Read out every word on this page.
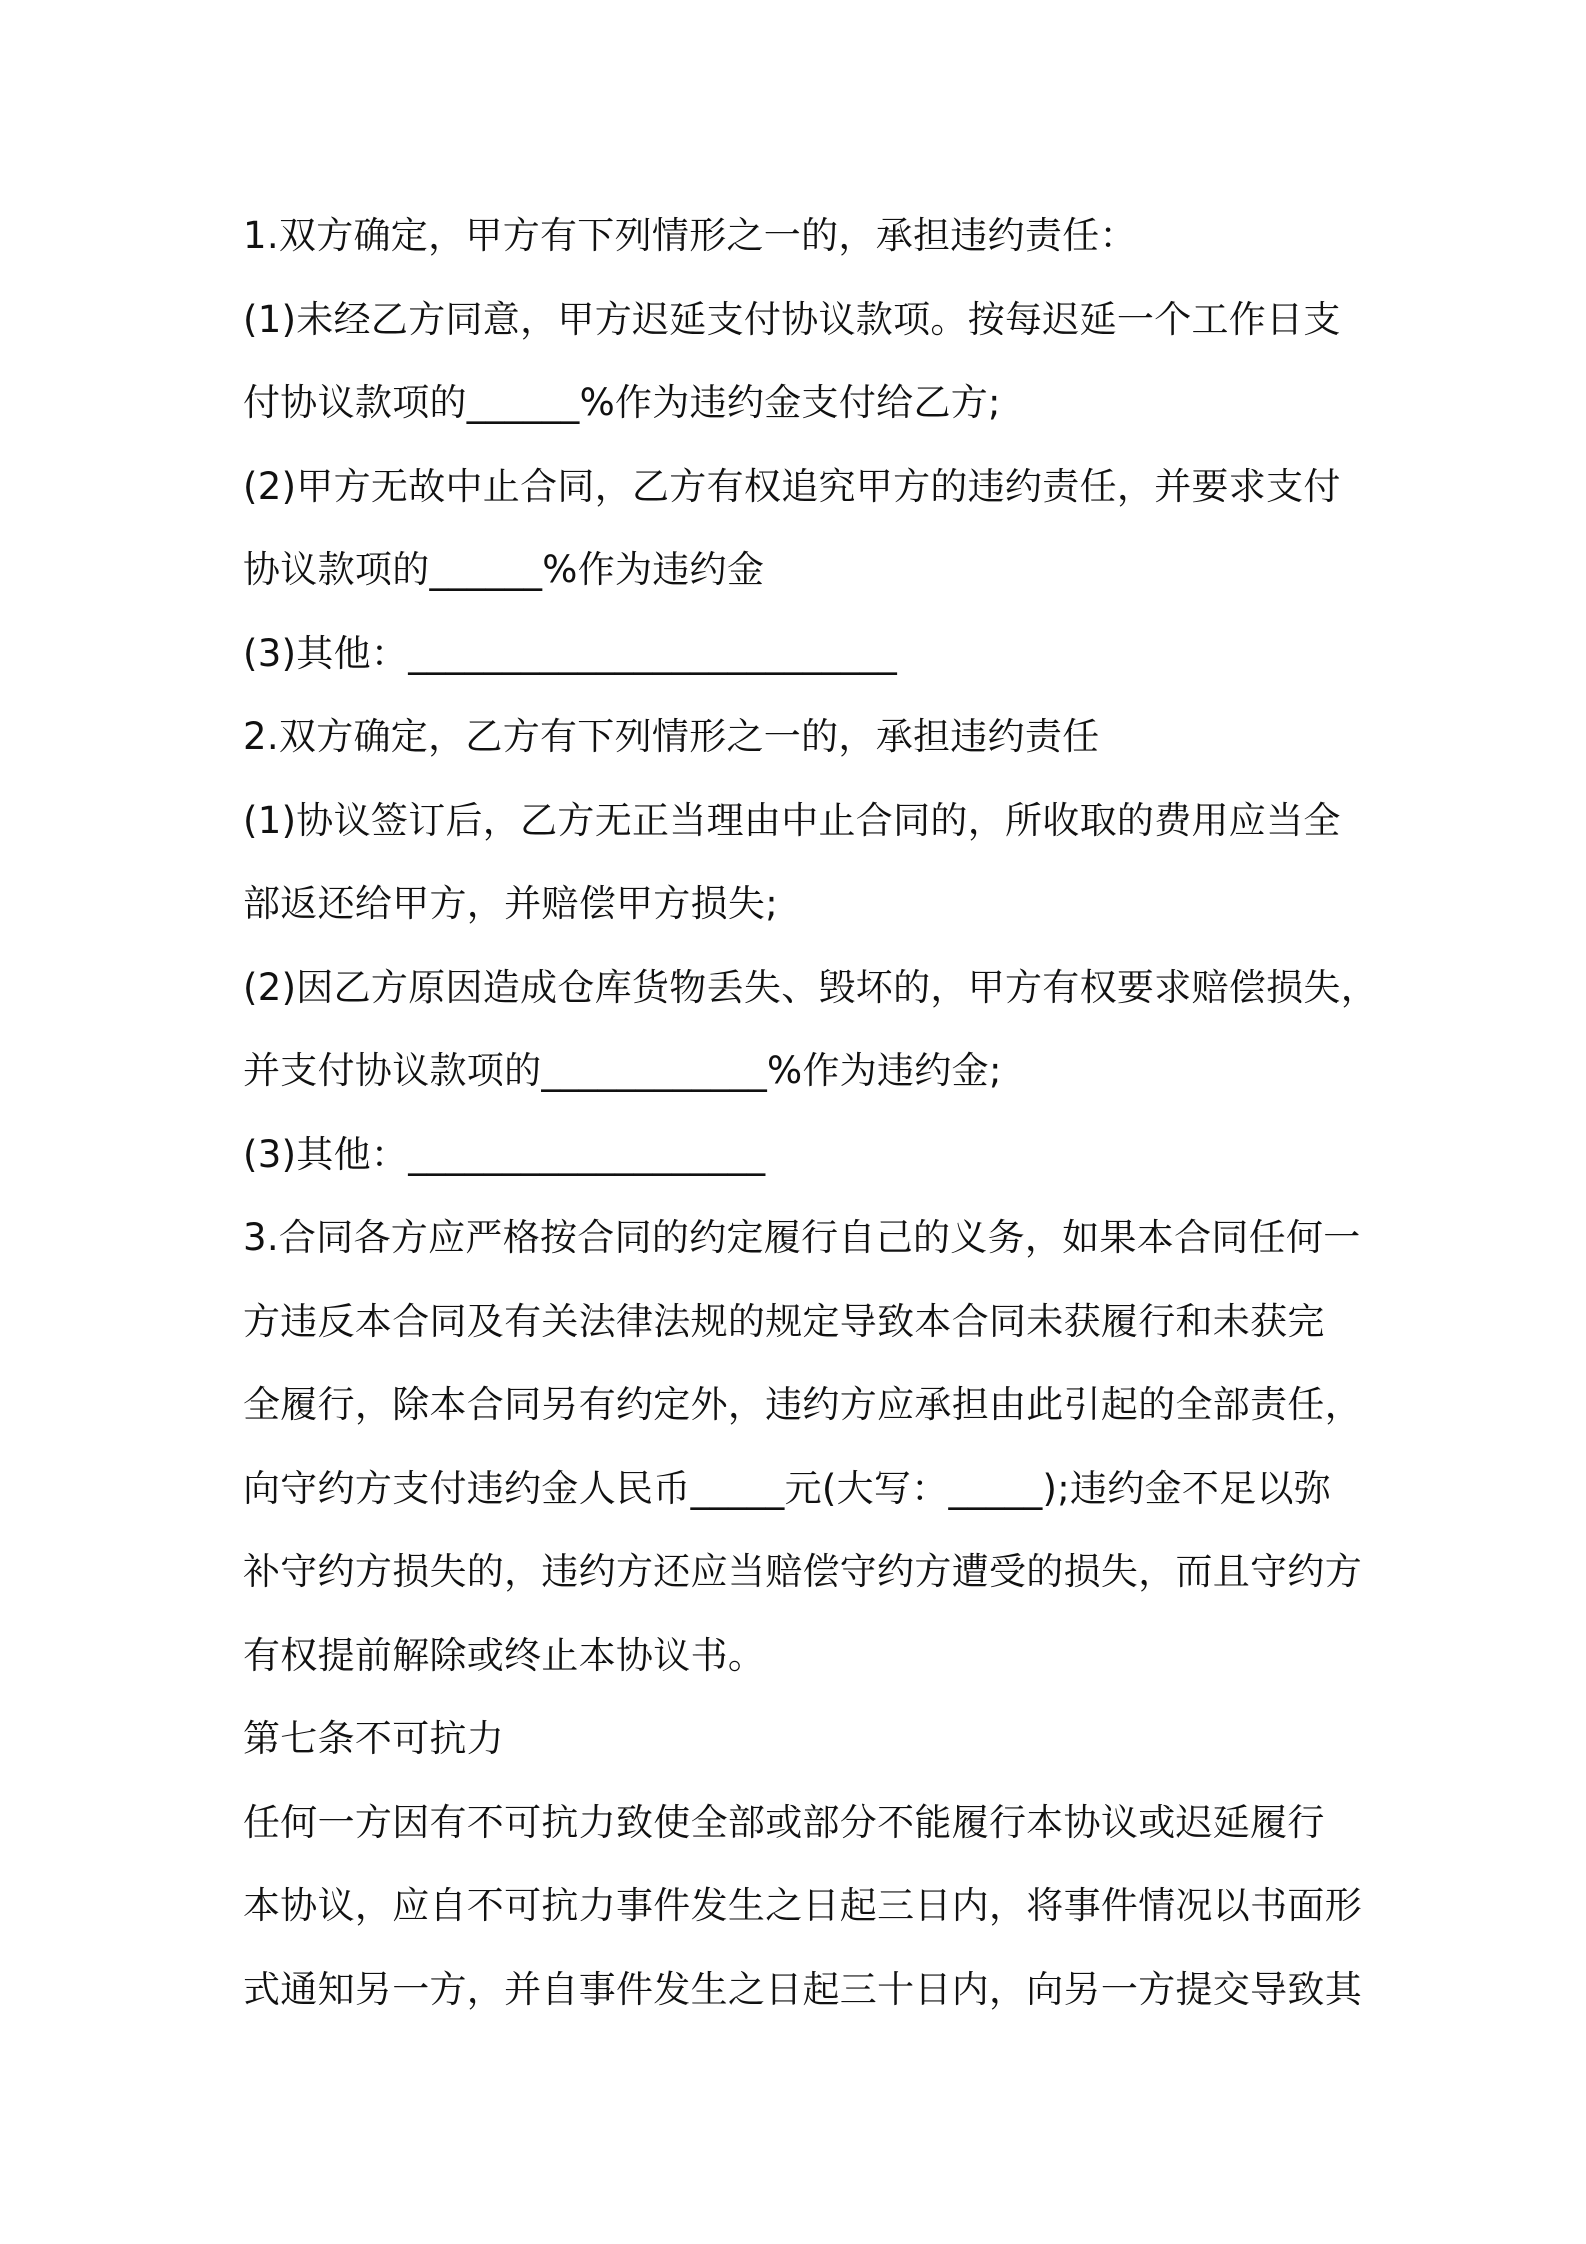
1.双方确定，甲方有下列情形之一的，承担违约责任：
(1)未经乙方同意，甲方迟延支付协议款项。按每迟延一个工作日支
付协议款项的______%作为违约金支付给乙方;
(2)甲方无故中止合同，乙方有权追究甲方的违约责任，并要求支付
协议款项的______%作为违约金
(3)其他：__________________________
2.双方确定，乙方有下列情形之一的，承担违约责任
(1)协议签订后，乙方无正当理由中止合同的，所收取的费用应当全
部返还给甲方，并赔偿甲方损失;
(2)因乙方原因造成仓库货物丢失、毁坏的，甲方有权要求赔偿损失，
并支付协议款项的____________%作为违约金;
(3)其他：___________________
3.合同各方应严格按合同的约定履行自己的义务，如果本合同任何一
方违反本合同及有关法律法规的规定导致本合同未获履行和未获完
全履行，除本合同另有约定外，违约方应承担由此引起的全部责任，
向守约方支付违约金人民币_____元(大写：_____);违约金不足以弥
补守约方损失的，违约方还应当赔偿守约方遭受的损失，而且守约方
有权提前解除或终止本协议书。
第七条不可抗力
任何一方因有不可抗力致使全部或部分不能履行本协议或迟延履行
本协议，应自不可抗力事件发生之日起三日内，将事件情况以书面形
式通知另一方，并自事件发生之日起三十日内，向另一方提交导致其
